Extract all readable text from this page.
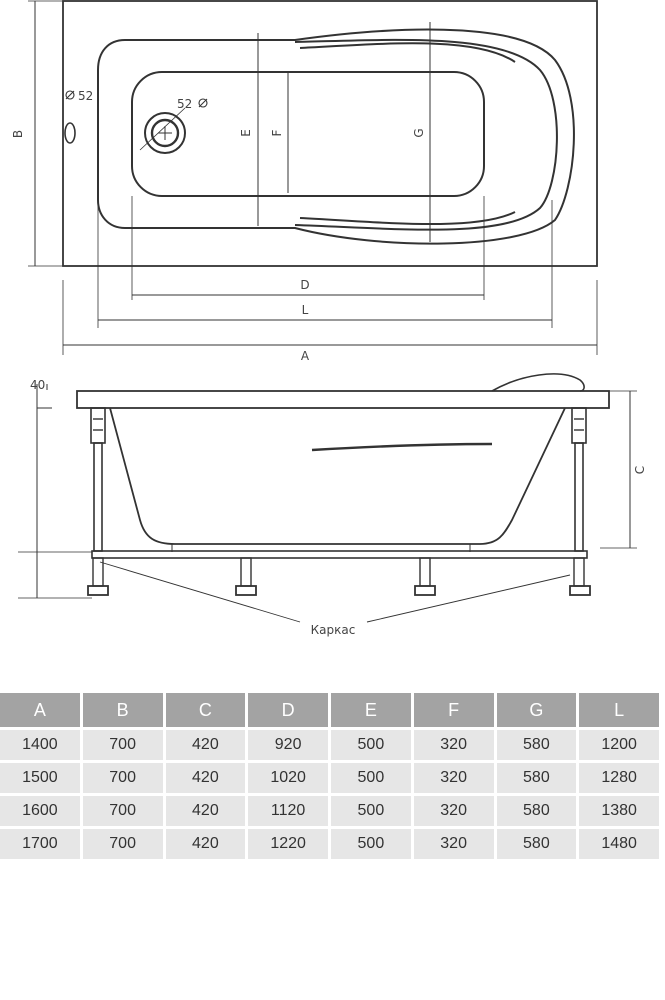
B	E F	G
D
L
A
52
52
40
C
Каркас
A	B	C	D	E	F	G	L
1400	700	420	920	500	320	580	1200
1500	700	420	1020	500	320	580	1280
1600	700	420	1120	500	320	580	1380
1700	700	420	1220	500	320	580	1480
